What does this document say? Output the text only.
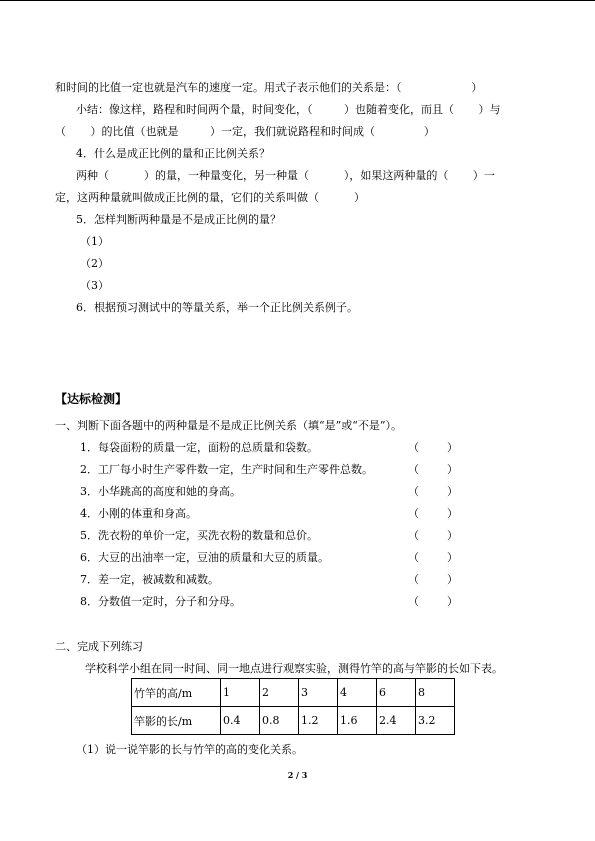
和时间的比值一定也就是汽车的速度一定。用式子表示他们的关系是：（                    ）
小结：像这样，路程和时间两个量，时间变化，（         ）也随着变化，而且（       ）与
（       ）的比值（也就是         ）一定，我们就说路程和时间成（              ）
4．什么是成正比例的量和正比例关系？
两种（          ）的量，一种量变化，另一种量（          ），如果这两种量的（       ）一
定，这两种量就叫做成正比例的量，它们的关系叫做（          ）
5．怎样判断两种量是不是成正比例的量？
（1）
（2）
（3）
6．根据预习测试中的等量关系，举一个正比例关系例子。
【达标检测】
一、判断下面各题中的两种量是不是成正比例关系（填“是”或“不是”）。
1．每袋面粉的质量一定，面粉的总质量和袋数。	（        ）
2．工厂每小时生产零件数一定，生产时间和生产零件总数。	（        ）
3．小华跳高的高度和她的身高。	（        ）
4．小刚的体重和身高。	（        ）
5．洗衣粉的单价一定，买洗衣粉的数量和总价。	（        ）
6．大豆的出油率一定，豆油的质量和大豆的质量。	（        ）
7．差一定，被减数和减数。	（        ）
8．分数值一定时，分子和分母。	（        ）
二、完成下列练习
学校科学小组在同一时间、同一地点进行观察实验，测得竹竿的高与竿影的长如下表。
竹竿的高/m	1	2	3	4	6	8
竿影的长/m	0.4	0.8	1.2	1.6	2.4	3.2
（1）说一说竿影的长与竹竿的高的变化关系。
2 / 3
